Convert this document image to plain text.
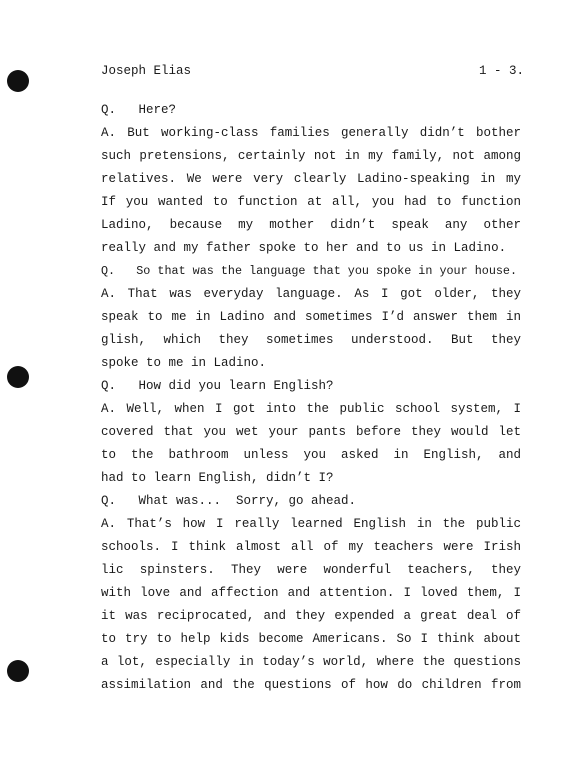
Joseph Elias	1 - 3.
Q.   Here?
A. But working-class families generally didn’t bother
such pretensions, certainly not in my family, not among
relatives. We were very clearly Ladino-speaking in my
If you wanted to function at all, you had to function
Ladino, because my mother didn’t speak any other
really and my father spoke to her and to us in Ladino.
Q.   So that was the language that you spoke in your house.
A. That was everyday language. As I got older, they
speak to me in Ladino and sometimes I’d answer them in
glish, which they sometimes understood. But they
spoke to me in Ladino.
Q.   How did you learn English?
A. Well, when I got into the public school system, I
covered that you wet your pants before they would let
to the bathroom unless you asked in English, and
had to learn English, didn’t I?
Q.   What was...  Sorry, go ahead.
A. That’s how I really learned English in the public
schools. I think almost all of my teachers were Irish
lic spinsters. They were wonderful teachers, they
with love and affection and attention. I loved them, I
it was reciprocated, and they expended a great deal of
to try to help kids become Americans. So I think about
a lot, especially in today’s world, where the questions
assimilation and the questions of how do children from
